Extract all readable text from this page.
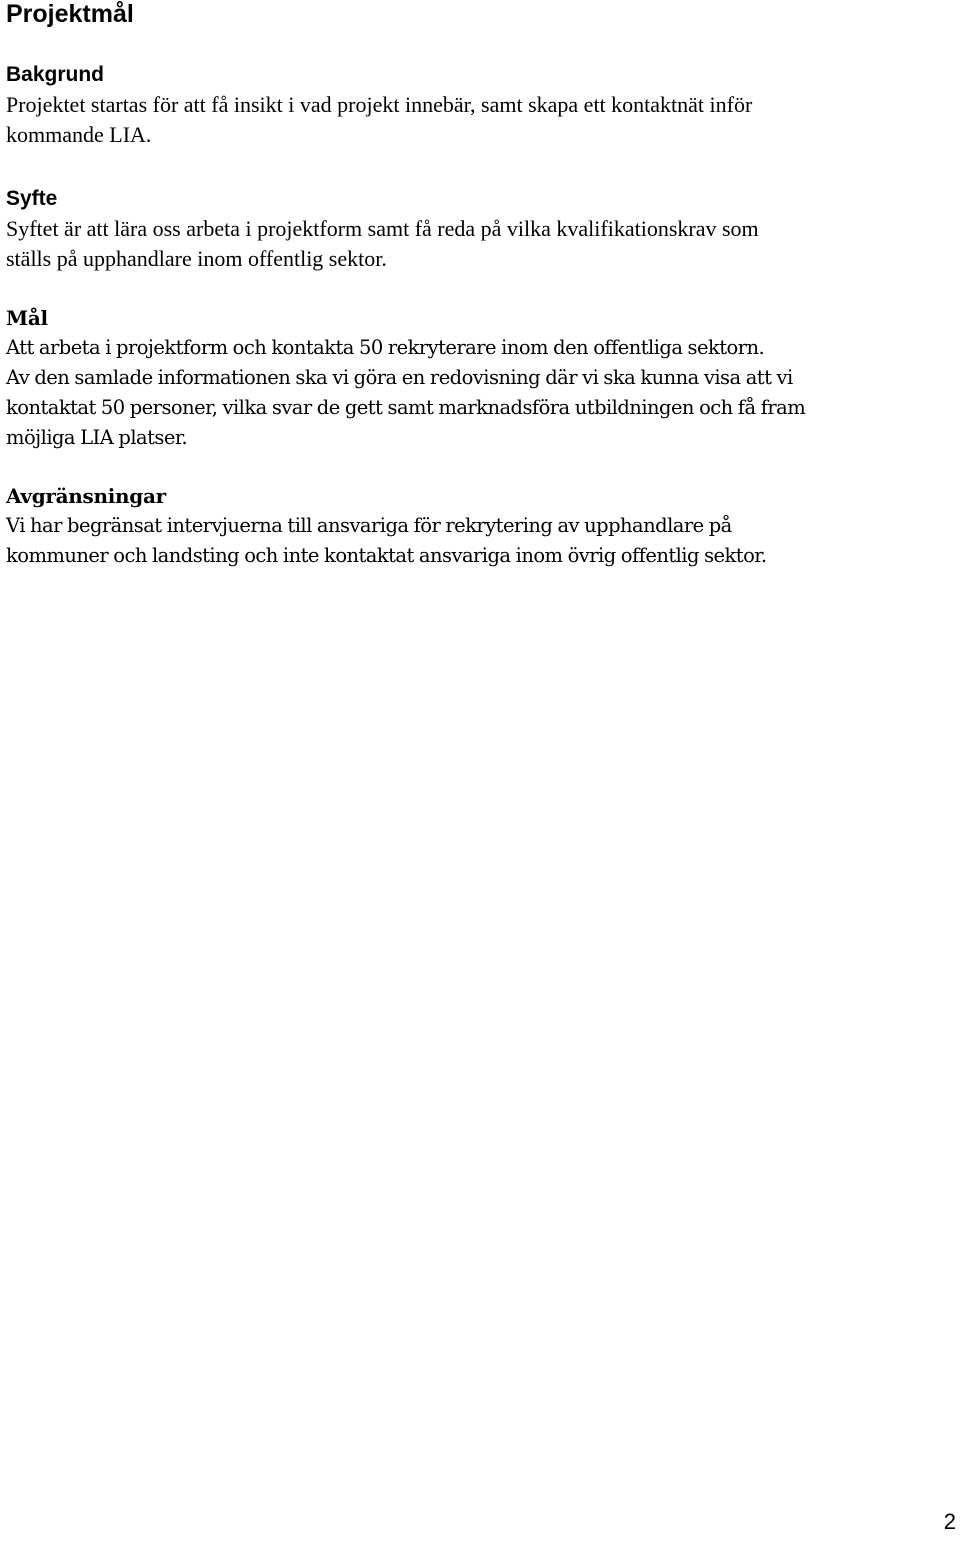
Projektmål
Bakgrund

Projektet startas för att få insikt i vad projekt innebär, samt skapa ett kontaktnät inför
kommande LIA.

Syfte

Syftet är att lära oss arbeta i projektform samt få reda på vilka kvalifikationskrav som
ställs på upphandlare inom offentlig sektor.

Mål

Att arbeta i projektform och kontakta 50 rekryterare inom den offentliga sektorn.
Av den samlade informationen ska vi göra en redovisning där vi ska kunna visa att vi
kontaktat 50 personer, vilka svar de gett samt marknadsföra utbildningen och få fram
möjliga LIA platser.

Avgränsningar

Vi har begränsat intervjuerna till ansvariga för rekrytering av upphandlare på
kommuner och landsting och inte kontaktat ansvariga inom övrig offentlig sektor.

2
